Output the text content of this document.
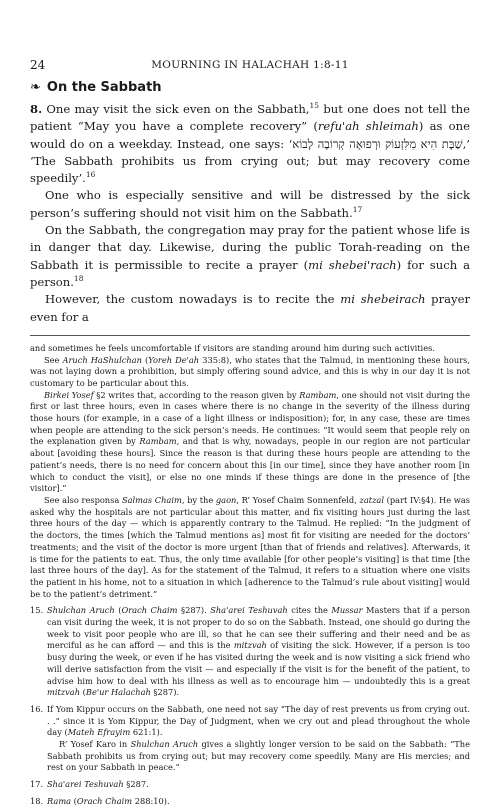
24	MOURNING IN HALACHAH 1:8-11
❧ On the Sabbath

8. One may visit the sick even on the Sabbath,$^{15}$ but one does not tell the patient “May you have a complete recovery” (refu'ah shleimah) as one would do on a weekday. Instead, one says: ‘שַׁבָּת הִיא מִלִּזְעוֹק וּרְפוּאָה קְרוֹבָה לָבוֹא,’ ‘The Sabbath prohibits us from crying out; but may recovery come speedily’.$^{16}$

One who is especially sensitive and will be distressed by the sick person’s suffering should not visit him on the Sabbath.$^{17}$

On the Sabbath, the congregation may pray for the patient whose life is in danger that day. Likewise, during the public Torah-reading on the Sabbath it is permissible to recite a prayer (mi shebei'rach) for such a person.$^{18}$

However, the custom nowadays is to recite the mi shebeirach prayer even for a

and sometimes he feels uncomfortable if visitors are standing around him during such activities.

See Aruch HaShulchan (Yoreh De'ah 335:8), who states that the Talmud, in mentioning these hours, was not laying down a prohibition, but simply offering sound advice, and this is why in our day it is not customary to be particular about this.

Birkei Yosef §2 writes that, according to the reason given by Rambam, one should not visit during the first or last three hours, even in cases where there is no change in the severity of the illness during those hours (for example, in a case of a light illness or indisposition); for, in any case, these are times when people are attending to the sick person’s needs. He continues: “It would seem that people rely on the explanation given by Rambam, and that is why, nowadays, people in our region are not particular about [avoiding these hours]. Since the reason is that during these hours people are attending to the patient’s needs, there is no need for concern about this [in our time], since they have another room [in which to conduct the visit], or else no one minds if these things are done in the presence of [the visitor].”

See also responsa Salmas Chaim, by the gaon, R’ Yosef Chaim Sonnenfeld, zatzal (part IV:§4). He was asked why the hospitals are not particular about this matter, and fix visiting hours just during the last three hours of the day — which is apparently contrary to the Talmud. He replied: “In the judgment of the doctors, the times [which the Talmud mentions as] most fit for visiting are needed for the doctors’ treatments; and the visit of the doctor is more urgent [than that of friends and relatives]. Afterwards, it is time for the patients to eat. Thus, the only time available [for other people’s visiting] is that time [the last three hours of the day]. As for the statement of the Talmud, it refers to a situation where one visits the patient in his home, not to a situation in which [adherence to the Talmud’s rule about visiting] would be to the patient’s detriment.”

15. Shulchan Aruch (Orach Chaim §287). Sha'arei Teshuvah cites the Mussar Masters that if a person can visit during the week, it is not proper to do so on the Sabbath. Instead, one should go during the week to visit poor people who are ill, so that he can see their suffering and their need and be as merciful as he can afford — and this is the mitzvah of visiting the sick. However, if a person is too busy during the week, or even if he has visited during the week and is now visiting a sick friend who will derive satisfaction from the visit — and especially if the visit is for the benefit of the patient, to advise him how to deal with his illness as well as to encourage him — undoubtedly this is a great mitzvah (Be'ur Halachah §287).

16. If Yom Kippur occurs on the Sabbath, one need not say “The day of rest prevents us from crying out. . .” since it is Yom Kippur, the Day of Judgment, when we cry out and plead throughout the whole day (Mateh Efrayim 621:1).

R’ Yosef Karo in Shulchan Aruch gives a slightly longer version to be said on the Sabbath: “The Sabbath prohibits us from crying out; but may recovery come speedily. Many are His mercies; and rest on your Sabbath in peace.”

17. Sha'arei Teshuvah §287.

18. Rama (Orach Chaim 288:10).
